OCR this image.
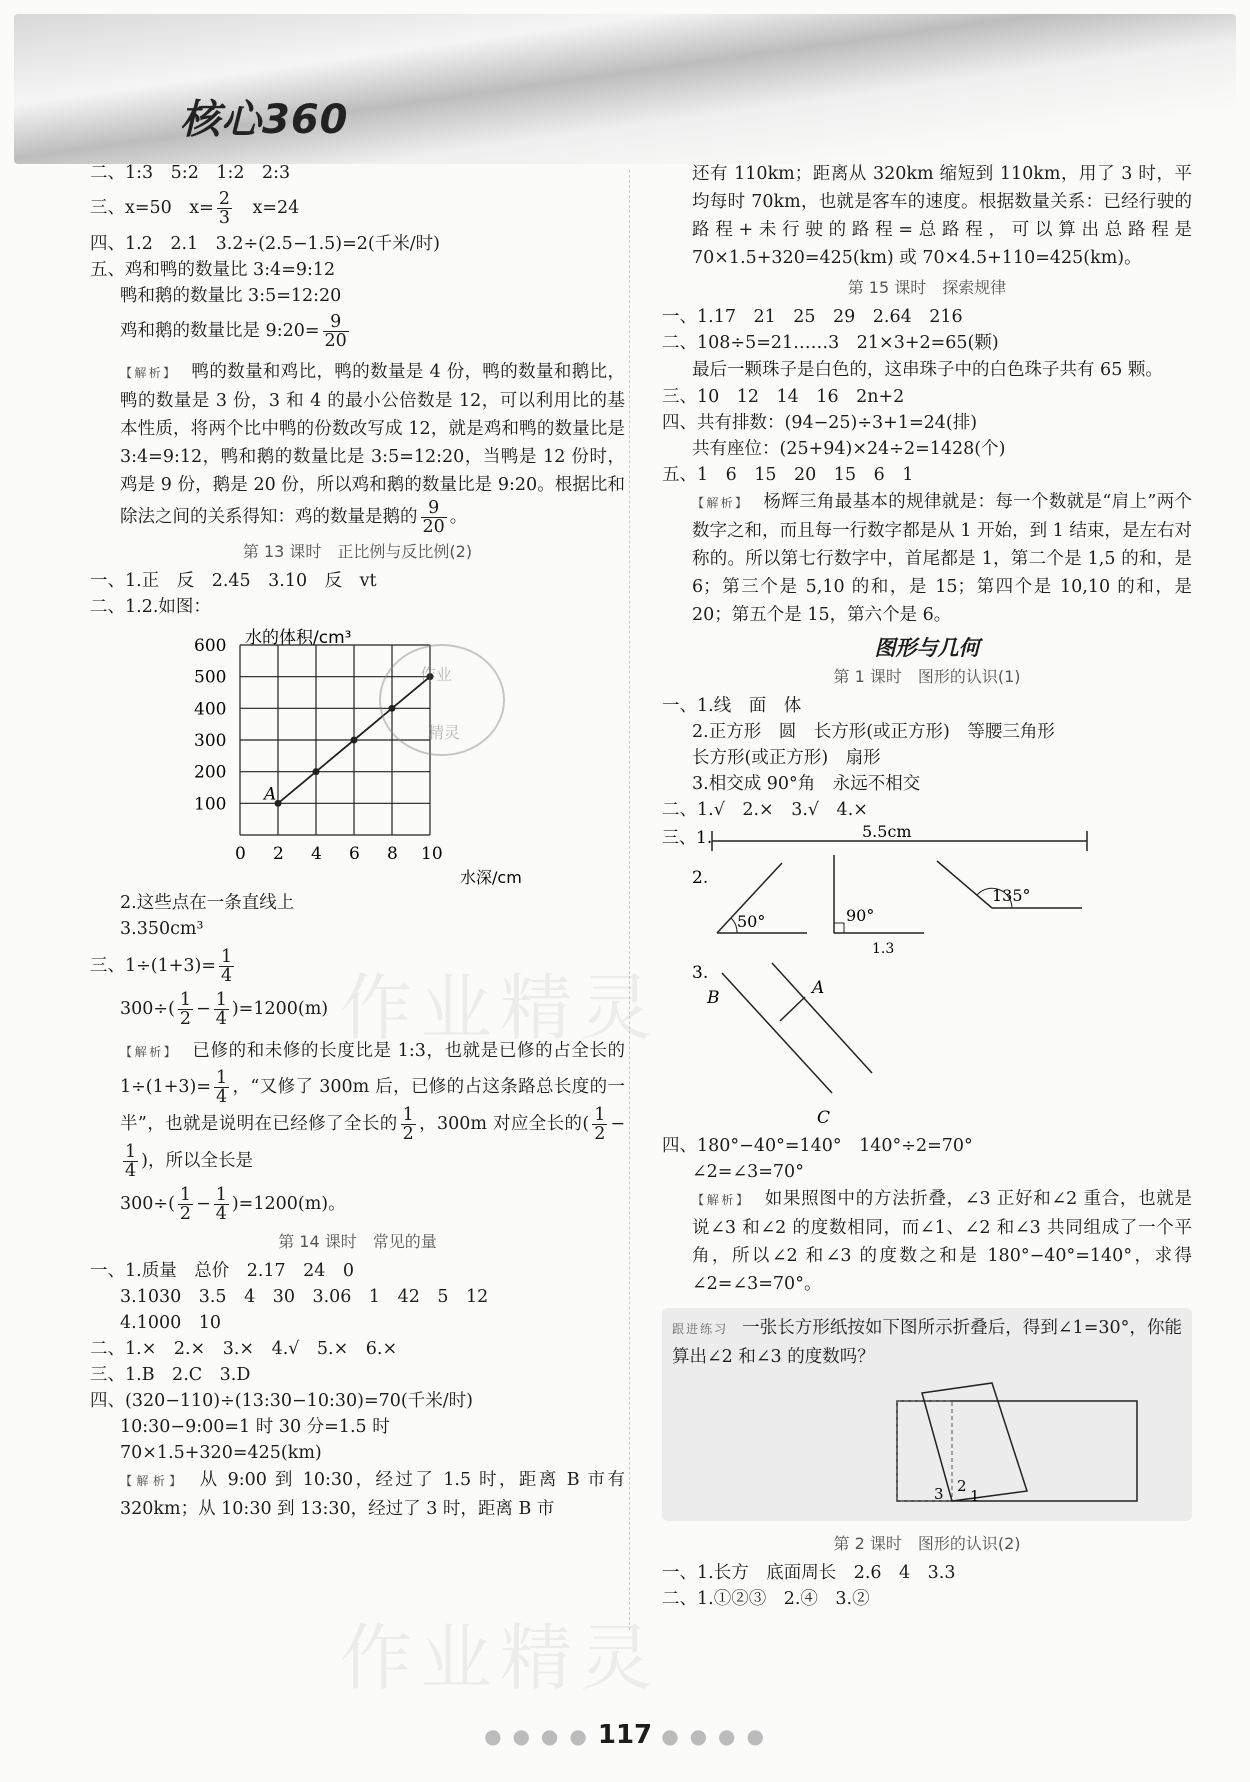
核心360
二、1:3　5:2　1:2　2:3
三、x=50　$x= \frac{2}{3}$ 　x=24
四、1.2　2.1　3.2÷(2.5−1.5)=2(千米/时)
五、鸡和鸭的数量比 3:4=9:12
鸭和鹅的数量比 3:5=12:20
鸡和鹅的数量比是 9:20= $\frac{9}{20}$
【解析】 鸭的数量和鸡比，鸭的数量是 4 份，鸭的数量和鹅比，鸭的数量是 3 份，3 和 4 的最小公倍数是 12，可以利用比的基本性质，将两个比中鸭的份数改写成 12，就是鸡和鸭的数量比是 3:4=9:12，鸭和鹅的数量比是 3:5=12:20，当鸭是 12 份时，鸡是 9 份，鹅是 20 份，所以鸡和鹅的数量比是 9:20。根据比和除法之间的关系得知：鸡的数量是鹅的 $\frac{9}{20}$ 。
第 13 课时　正比例与反比例(2)
一、1.正　反　2.45　3.10　反　vt
二、1.2.如图：
水的体积/cm³
水深/cm
0 2 4 6 8 10
100
200
300
400
500
600
A
作业
精灵
2.这些点在一条直线上
3.350cm³
三、$1\div(1+3)= \frac{1}{4}$
$300\div( \frac{1}{2} - \frac{1}{4} )=1200(m)$
【解析】 已修的和未修的长度比是 1:3，也就是已修的占全长的 $1\div(1+3)= \frac{1}{4}$ ，“又修了 300m 后，已修的占这条路总长度的一半”，也就是说明在已经修了全长的 $\frac{1}{2}$ ，300m 对应全长的( $\frac{1}{2}$ −
$\frac{1}{4}$ )，所以全长是
$300\div( \frac{1}{2} - \frac{1}{4} )=1200(m)$。
第 14 课时　常见的量
一、1.质量　总价　2.17　24　0
3.1030　3.5　4　30　3.06　1　42　5　12
4.1000　10
二、1.×　2.×　3.×　4.√　5.×　6.×
三、1.B　2.C　3.D
四、(320−110)÷(13:30−10:30)=70(千米/时)
10:30−9:00=1 时 30 分=1.5 时
70×1.5+320=425(km)
【解析】 从 9:00 到 10:30，经过了 1.5 时，距离 B 市有 320km；从 10:30 到 13:30，经过了 3 时，距离 B 市
还有 110km；距离从 320km 缩短到 110km，用了 3 时，平均每时 70km，也就是客车的速度。根据数量关系：已经行驶的路程+未行驶的路程=总路程，可以算出总路程是 70×1.5+320=425(km) 或 70×4.5+110=425(km)。
第 15 课时　探索规律
一、1.17　21　25　29　2.64　216
二、108÷5=21……3　21×3+2=65(颗)
最后一颗珠子是白色的，这串珠子中的白色珠子共有 65 颗。
三、10　12　14　16　2n+2
四、共有排数：(94−25)÷3+1=24(排)
共有座位：(25+94)×24÷2=1428(个)
五、1　6　15　20　15　6　1
【解析】 杨辉三角最基本的规律就是：每一个数就是“肩上”两个数字之和，而且每一行数字都是从 1 开始，到 1 结束，是左右对称的。所以第七行数字中，首尾都是 1，第二个是 1,5 的和，是 6；第三个是 5,10 的和，是 15；第四个是 10,10 的和，是 20；第五个是 15，第六个是 6。
图形与几何
第 1 课时　图形的认识(1)
一、1.线　面　体
2.正方形　圆　长方形(或正方形)　等腰三角形
长方形(或正方形)　扇形
3.相交成 90°角　永远不相交
二、1.√　2.×　3.√　4.×
三、1.	5.5cm
2.
50°	90°
1.3
135°
3.
B	A
C
四、180°−40°=140°　140°÷2=70°
∠2=∠3=70°
【解析】 如果照图中的方法折叠，∠3 正好和∠2 重合，也就是说∠3 和∠2 的度数相同，而∠1、∠2 和∠3 共同组成了一个平角，所以∠2 和∠3 的度数之和是 180°−40°=140°，求得∠2=∠3=70°。
跟进练习 一张长方形纸按如下图所示折叠后，得到∠1=30°，你能算出∠2 和∠3 的度数吗？
3 2
1
第 2 课时　图形的认识(2)
一、1.长方　底面周长　2.6　4　3.3
二、1.①②③　2.④　3.②
作业精灵
作业精灵
● ● ● ● 117 ● ● ● ●
